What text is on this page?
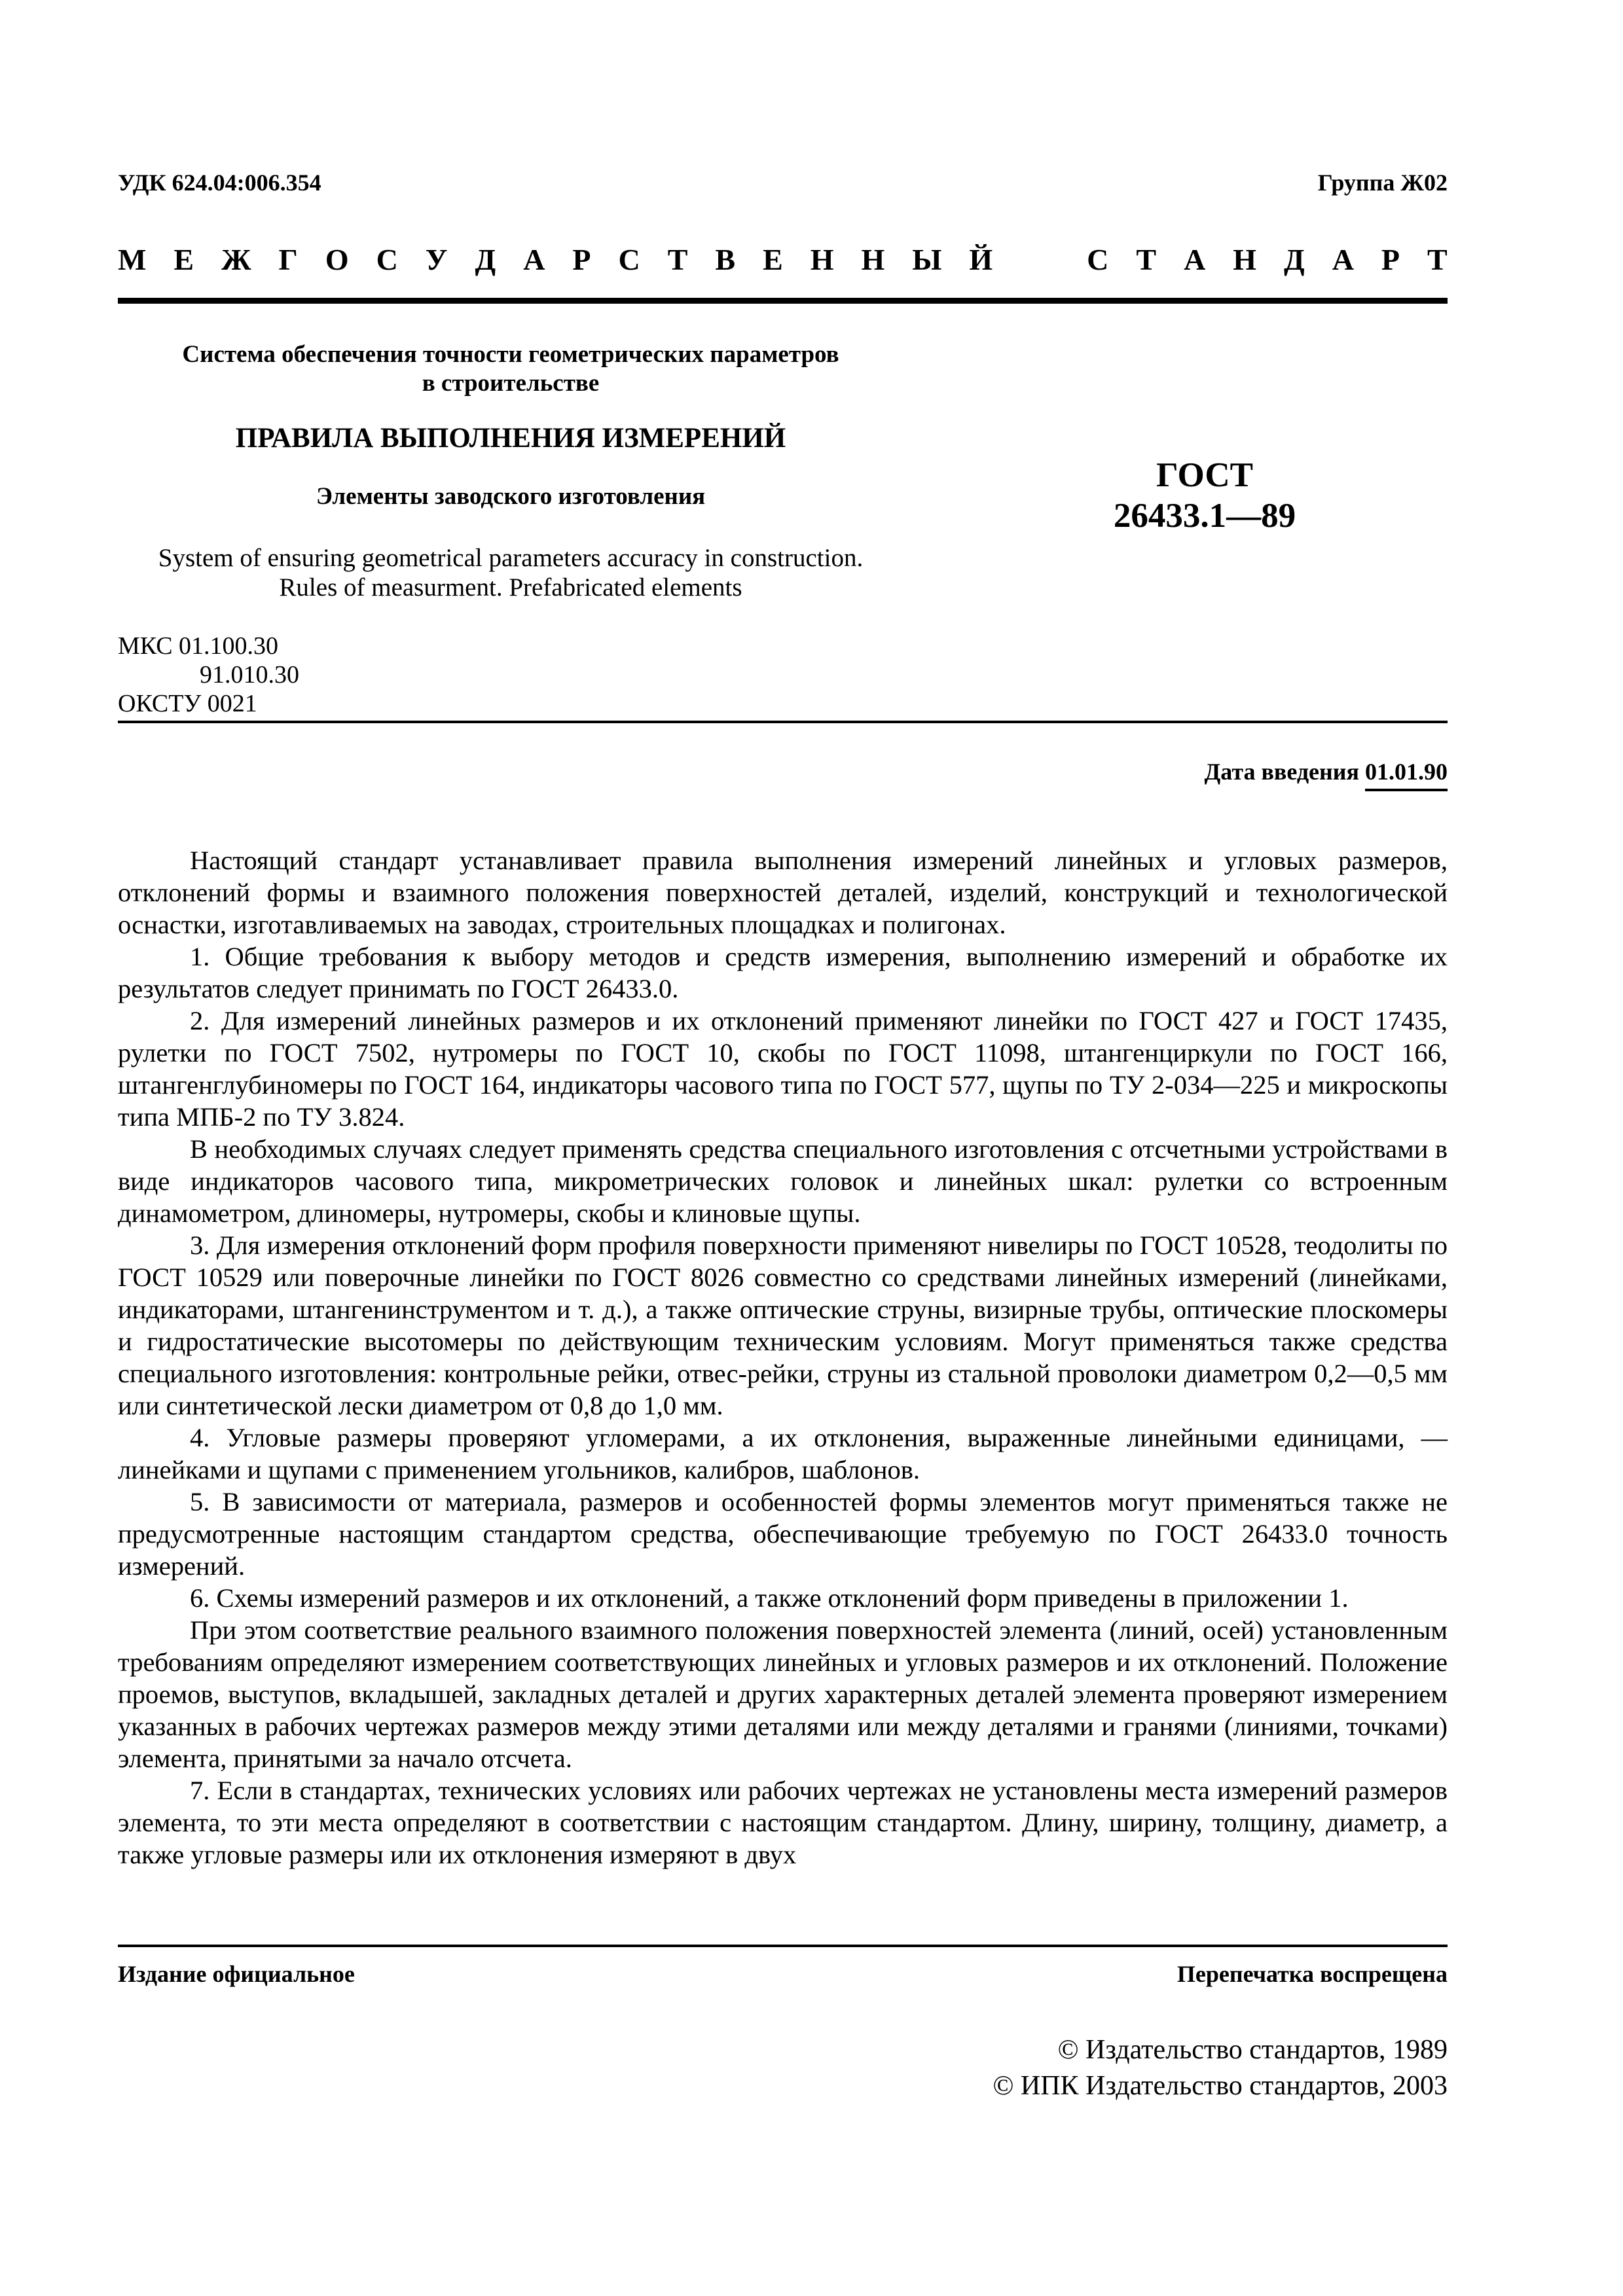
УДК 624.04:006.354	Группа Ж02
М Е Ж Г О С У Д А Р С Т В Е Н Н Ы Й	С Т А Н Д А Р Т
Система обеспечения точности геометрических параметров
в строительстве
ПРАВИЛА ВЫПОЛНЕНИЯ ИЗМЕРЕНИЙ
Элементы заводского изготовления
System of ensuring geometrical parameters accuracy in construction.
Rules of measurment. Prefabricated elements
ГОСТ
26433.1—89
МКС 01.100.30
91.010.30
ОКСТУ 0021
Дата введения 01.01.90

Настоящий стандарт устанавливает правила выполнения измерений линейных и угловых размеров, отклонений формы и взаимного положения поверхностей деталей, изделий, конструкций и технологической оснастки, изготавливаемых на заводах, строительных площадках и полигонах.

1. Общие требования к выбору методов и средств измерения, выполнению измерений и обработке их результатов следует принимать по ГОСТ 26433.0.

2. Для измерений линейных размеров и их отклонений применяют линейки по ГОСТ 427 и ГОСТ 17435, рулетки по ГОСТ 7502, нутромеры по ГОСТ 10, скобы по ГОСТ 11098, штангенциркули по ГОСТ 166, штангенглубиномеры по ГОСТ 164, индикаторы часового типа по ГОСТ 577, щупы по ТУ 2-034—225 и микроскопы типа МПБ-2 по ТУ 3.824.

В необходимых случаях следует применять средства специального изготовления с отсчетными устройствами в виде индикаторов часового типа, микрометрических головок и линейных шкал: рулетки со встроенным динамометром, длиномеры, нутромеры, скобы и клиновые щупы.

3. Для измерения отклонений форм профиля поверхности применяют нивелиры по ГОСТ 10528, теодолиты по ГОСТ 10529 или поверочные линейки по ГОСТ 8026 совместно со средствами линейных измерений (линейками, индикаторами, штангенинструментом и т. д.), а также оптические струны, визирные трубы, оптические плоскомеры и гидростатические высотомеры по действующим техническим условиям. Могут применяться также средства специального изготовления: контрольные рейки, отвес-рейки, струны из стальной проволоки диаметром 0,2—0,5 мм или синтетической лески диаметром от 0,8 до 1,0 мм.

4. Угловые размеры проверяют угломерами, а их отклонения, выраженные линейными единицами, — линейками и щупами с применением угольников, калибров, шаблонов.

5. В зависимости от материала, размеров и особенностей формы элементов могут применяться также не предусмотренные настоящим стандартом средства, обеспечивающие требуемую по ГОСТ 26433.0 точность измерений.

6. Схемы измерений размеров и их отклонений, а также отклонений форм приведены в приложении 1.

При этом соответствие реального взаимного положения поверхностей элемента (линий, осей) установленным требованиям определяют измерением соответствующих линейных и угловых размеров и их отклонений. Положение проемов, выступов, вкладышей, закладных деталей и других характерных деталей элемента проверяют измерением указанных в рабочих чертежах размеров между этими деталями или между деталями и гранями (линиями, точками) элемента, принятыми за начало отсчета.

7. Если в стандартах, технических условиях или рабочих чертежах не установлены места измерений размеров элемента, то эти места определяют в соответствии с настоящим стандартом. Длину, ширину, толщину, диаметр, а также угловые размеры или их отклонения измеряют в двух

Издание официальное	Перепечатка воспрещена
© Издательство стандартов, 1989
© ИПК Издательство стандартов, 2003
